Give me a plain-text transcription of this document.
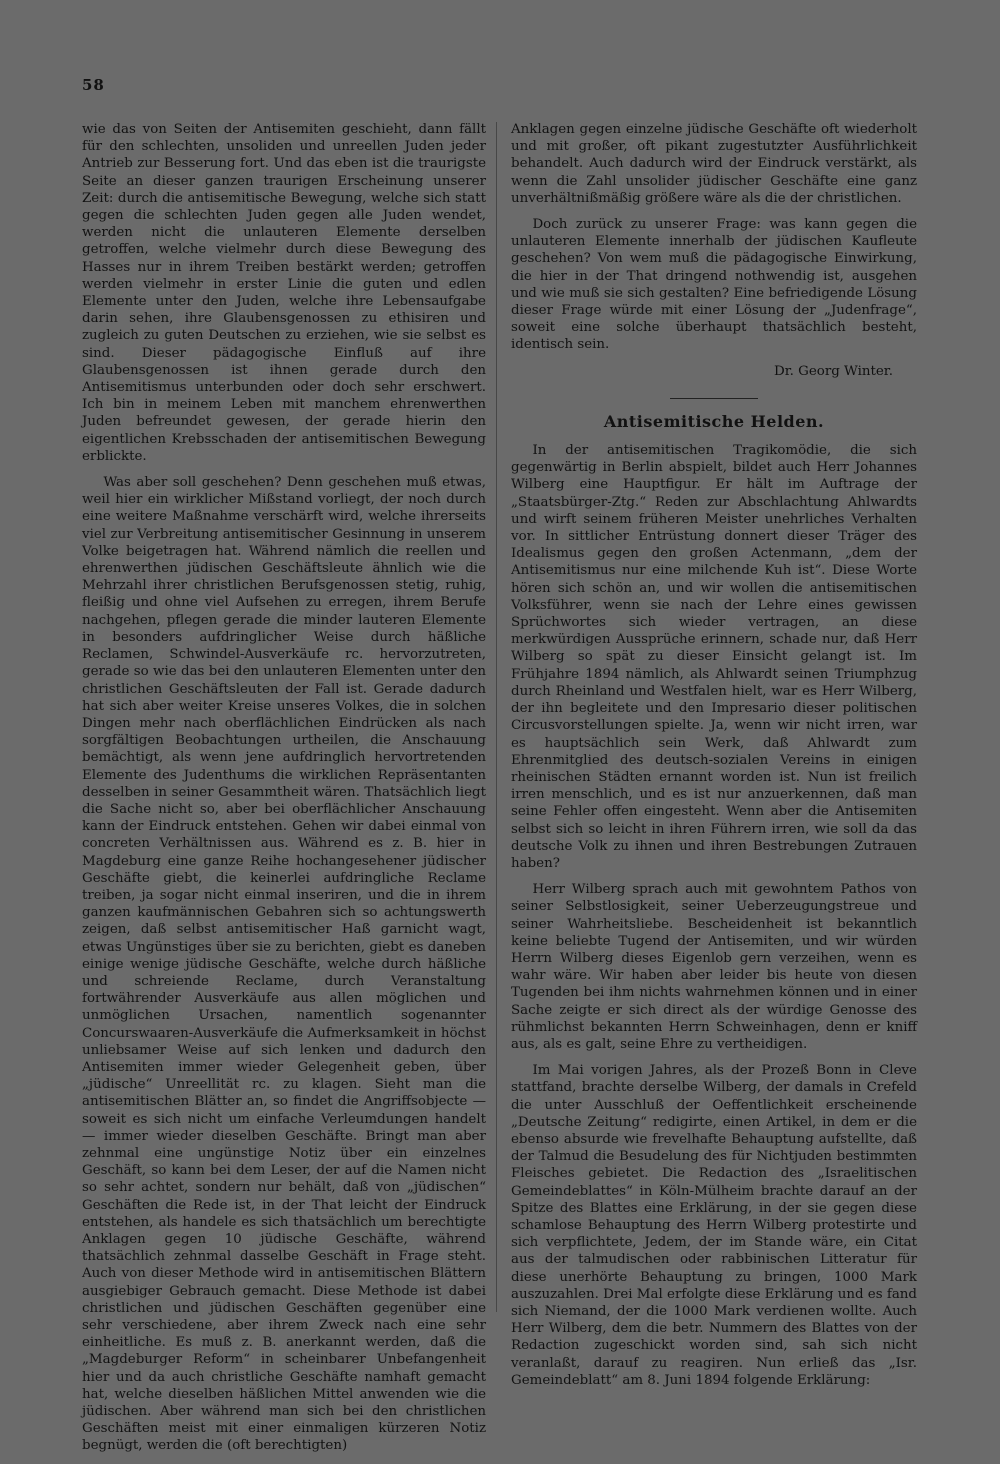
58

wie das von Seiten der Antisemiten geschieht, dann fällt für den schlechten, unsoliden und unreellen Juden jeder Antrieb zur Besserung fort. Und das eben ist die traurigste Seite an dieser ganzen traurigen Erscheinung unserer Zeit: durch die antisemitische Bewegung, welche sich statt gegen die schlechten Juden gegen alle Juden wendet, werden nicht die unlauteren Elemente derselben getroffen, welche vielmehr durch diese Bewegung des Hasses nur in ihrem Treiben bestärkt werden; getroffen werden vielmehr in erster Linie die guten und edlen Elemente unter den Juden, welche ihre Lebensaufgabe darin sehen, ihre Glaubensgenossen zu ethisiren und zugleich zu guten Deutschen zu erziehen, wie sie selbst es sind. Dieser pädagogische Einfluß auf ihre Glaubensgenossen ist ihnen gerade durch den Antisemitismus unterbunden oder doch sehr erschwert. Ich bin in meinem Leben mit manchem ehrenwerthen Juden befreundet gewesen, der gerade hierin den eigentlichen Krebsschaden der antisemitischen Bewegung erblickte.

Was aber soll geschehen? Denn geschehen muß etwas, weil hier ein wirklicher Mißstand vorliegt, der noch durch eine weitere Maßnahme verschärft wird, welche ihrerseits viel zur Verbreitung antisemitischer Gesinnung in unserem Volke beigetragen hat. Während nämlich die reellen und ehrenwerthen jüdischen Geschäftsleute ähnlich wie die Mehrzahl ihrer christlichen Berufsgenossen stetig, ruhig, fleißig und ohne viel Aufsehen zu erregen, ihrem Berufe nachgehen, pflegen gerade die minder lauteren Elemente in besonders aufdringlicher Weise durch häßliche Reclamen, Schwindel-Ausverkäufe rc. hervorzutreten, gerade so wie das bei den unlauteren Elementen unter den christlichen Geschäftsleuten der Fall ist. Gerade dadurch hat sich aber weiter Kreise unseres Volkes, die in solchen Dingen mehr nach oberflächlichen Eindrücken als nach sorgfältigen Beobachtungen urtheilen, die Anschauung bemächtigt, als wenn jene aufdringlich hervortretenden Elemente des Judenthums die wirklichen Repräsentanten desselben in seiner Gesammtheit wären. Thatsächlich liegt die Sache nicht so, aber bei oberflächlicher Anschauung kann der Eindruck entstehen. Gehen wir dabei einmal von concreten Verhältnissen aus. Während es z. B. hier in Magdeburg eine ganze Reihe hochangesehener jüdischer Geschäfte giebt, die keinerlei aufdringliche Reclame treiben, ja sogar nicht einmal inseriren, und die in ihrem ganzen kaufmännischen Gebahren sich so achtungswerth zeigen, daß selbst antisemitischer Haß garnicht wagt, etwas Ungünstiges über sie zu berichten, giebt es daneben einige wenige jüdische Geschäfte, welche durch häßliche und schreiende Reclame, durch Veranstaltung fortwährender Ausverkäufe aus allen möglichen und unmöglichen Ursachen, namentlich sogenannter Concurswaaren-Ausverkäufe die Aufmerksamkeit in höchst unliebsamer Weise auf sich lenken und dadurch den Antisemiten immer wieder Gelegenheit geben, über „jüdische“ Unreellität rc. zu klagen. Sieht man die antisemitischen Blätter an, so findet die Angriffsobjecte — soweit es sich nicht um einfache Verleumdungen handelt — immer wieder dieselben Geschäfte. Bringt man aber zehnmal eine ungünstige Notiz über ein einzelnes Geschäft, so kann bei dem Leser, der auf die Namen nicht so sehr achtet, sondern nur behält, daß von „jüdischen“ Geschäften die Rede ist, in der That leicht der Eindruck entstehen, als handele es sich thatsächlich um berechtigte Anklagen gegen 10 jüdische Geschäfte, während thatsächlich zehnmal dasselbe Geschäft in Frage steht. Auch von dieser Methode wird in antisemitischen Blättern ausgiebiger Gebrauch gemacht. Diese Methode ist dabei christlichen und jüdischen Geschäften gegenüber eine sehr verschiedene, aber ihrem Zweck nach eine sehr einheitliche. Es muß z. B. anerkannt werden, daß die „Magdeburger Reform“ in scheinbarer Unbefangenheit hier und da auch christliche Geschäfte namhaft gemacht hat, welche dieselben häßlichen Mittel anwenden wie die jüdischen. Aber während man sich bei den christlichen Geschäften meist mit einer einmaligen kürzeren Notiz begnügt, werden die (oft berechtigten)

Anklagen gegen einzelne jüdische Geschäfte oft wiederholt und mit großer, oft pikant zugestutzter Ausführlichkeit behandelt. Auch dadurch wird der Eindruck verstärkt, als wenn die Zahl unsolider jüdischer Geschäfte eine ganz unverhältnißmäßig größere wäre als die der christlichen.

Doch zurück zu unserer Frage: was kann gegen die unlauteren Elemente innerhalb der jüdischen Kaufleute geschehen? Von wem muß die pädagogische Einwirkung, die hier in der That dringend nothwendig ist, ausgehen und wie muß sie sich gestalten? Eine befriedigende Lösung dieser Frage würde mit einer Lösung der „Judenfrage“, soweit eine solche überhaupt thatsächlich besteht, identisch sein.

Dr. Georg Winter.
Antisemitische Helden.

In der antisemitischen Tragikomödie, die sich gegenwärtig in Berlin abspielt, bildet auch Herr Johannes Wilberg eine Hauptfigur. Er hält im Auftrage der „Staatsbürger-Ztg.“ Reden zur Abschlachtung Ahlwardts und wirft seinem früheren Meister unehrliches Verhalten vor. In sittlicher Entrüstung donnert dieser Träger des Idealismus gegen den großen Actenmann, „dem der Antisemitismus nur eine milchende Kuh ist“. Diese Worte hören sich schön an, und wir wollen die antisemitischen Volksführer, wenn sie nach der Lehre eines gewissen Sprüchwortes sich wieder vertragen, an diese merkwürdigen Aussprüche erinnern, schade nur, daß Herr Wilberg so spät zu dieser Einsicht gelangt ist. Im Frühjahre 1894 nämlich, als Ahlwardt seinen Triumphzug durch Rheinland und Westfalen hielt, war es Herr Wilberg, der ihn begleitete und den Impresario dieser politischen Circusvorstellungen spielte. Ja, wenn wir nicht irren, war es hauptsächlich sein Werk, daß Ahlwardt zum Ehrenmitglied des deutsch-sozialen Vereins in einigen rheinischen Städten ernannt worden ist. Nun ist freilich irren menschlich, und es ist nur anzuerkennen, daß man seine Fehler offen eingesteht. Wenn aber die Antisemiten selbst sich so leicht in ihren Führern irren, wie soll da das deutsche Volk zu ihnen und ihren Bestrebungen Zutrauen haben?

Herr Wilberg sprach auch mit gewohntem Pathos von seiner Selbstlosigkeit, seiner Ueberzeugungstreue und seiner Wahrheitsliebe. Bescheidenheit ist bekanntlich keine beliebte Tugend der Antisemiten, und wir würden Herrn Wilberg dieses Eigenlob gern verzeihen, wenn es wahr wäre. Wir haben aber leider bis heute von diesen Tugenden bei ihm nichts wahrnehmen können und in einer Sache zeigte er sich direct als der würdige Genosse des rühmlichst bekannten Herrn Schweinhagen, denn er kniff aus, als es galt, seine Ehre zu vertheidigen.

Im Mai vorigen Jahres, als der Prozeß Bonn in Cleve stattfand, brachte derselbe Wilberg, der damals in Crefeld die unter Ausschluß der Oeffentlichkeit erscheinende „Deutsche Zeitung“ redigirte, einen Artikel, in dem er die ebenso absurde wie frevelhafte Behauptung aufstellte, daß der Talmud die Besudelung des für Nichtjuden bestimmten Fleisches gebietet. Die Redaction des „Israelitischen Gemeindeblattes“ in Köln-Mülheim brachte darauf an der Spitze des Blattes eine Erklärung, in der sie gegen diese schamlose Behauptung des Herrn Wilberg protestirte und sich verpflichtete, Jedem, der im Stande wäre, ein Citat aus der talmudischen oder rabbinischen Litteratur für diese unerhörte Behauptung zu bringen, 1000 Mark auszuzahlen. Drei Mal erfolgte diese Erklärung und es fand sich Niemand, der die 1000 Mark verdienen wollte. Auch Herr Wilberg, dem die betr. Nummern des Blattes von der Redaction zugeschickt worden sind, sah sich nicht veranlaßt, darauf zu reagiren. Nun erließ das „Isr. Gemeindeblatt“ am 8. Juni 1894 folgende Erklärung:
